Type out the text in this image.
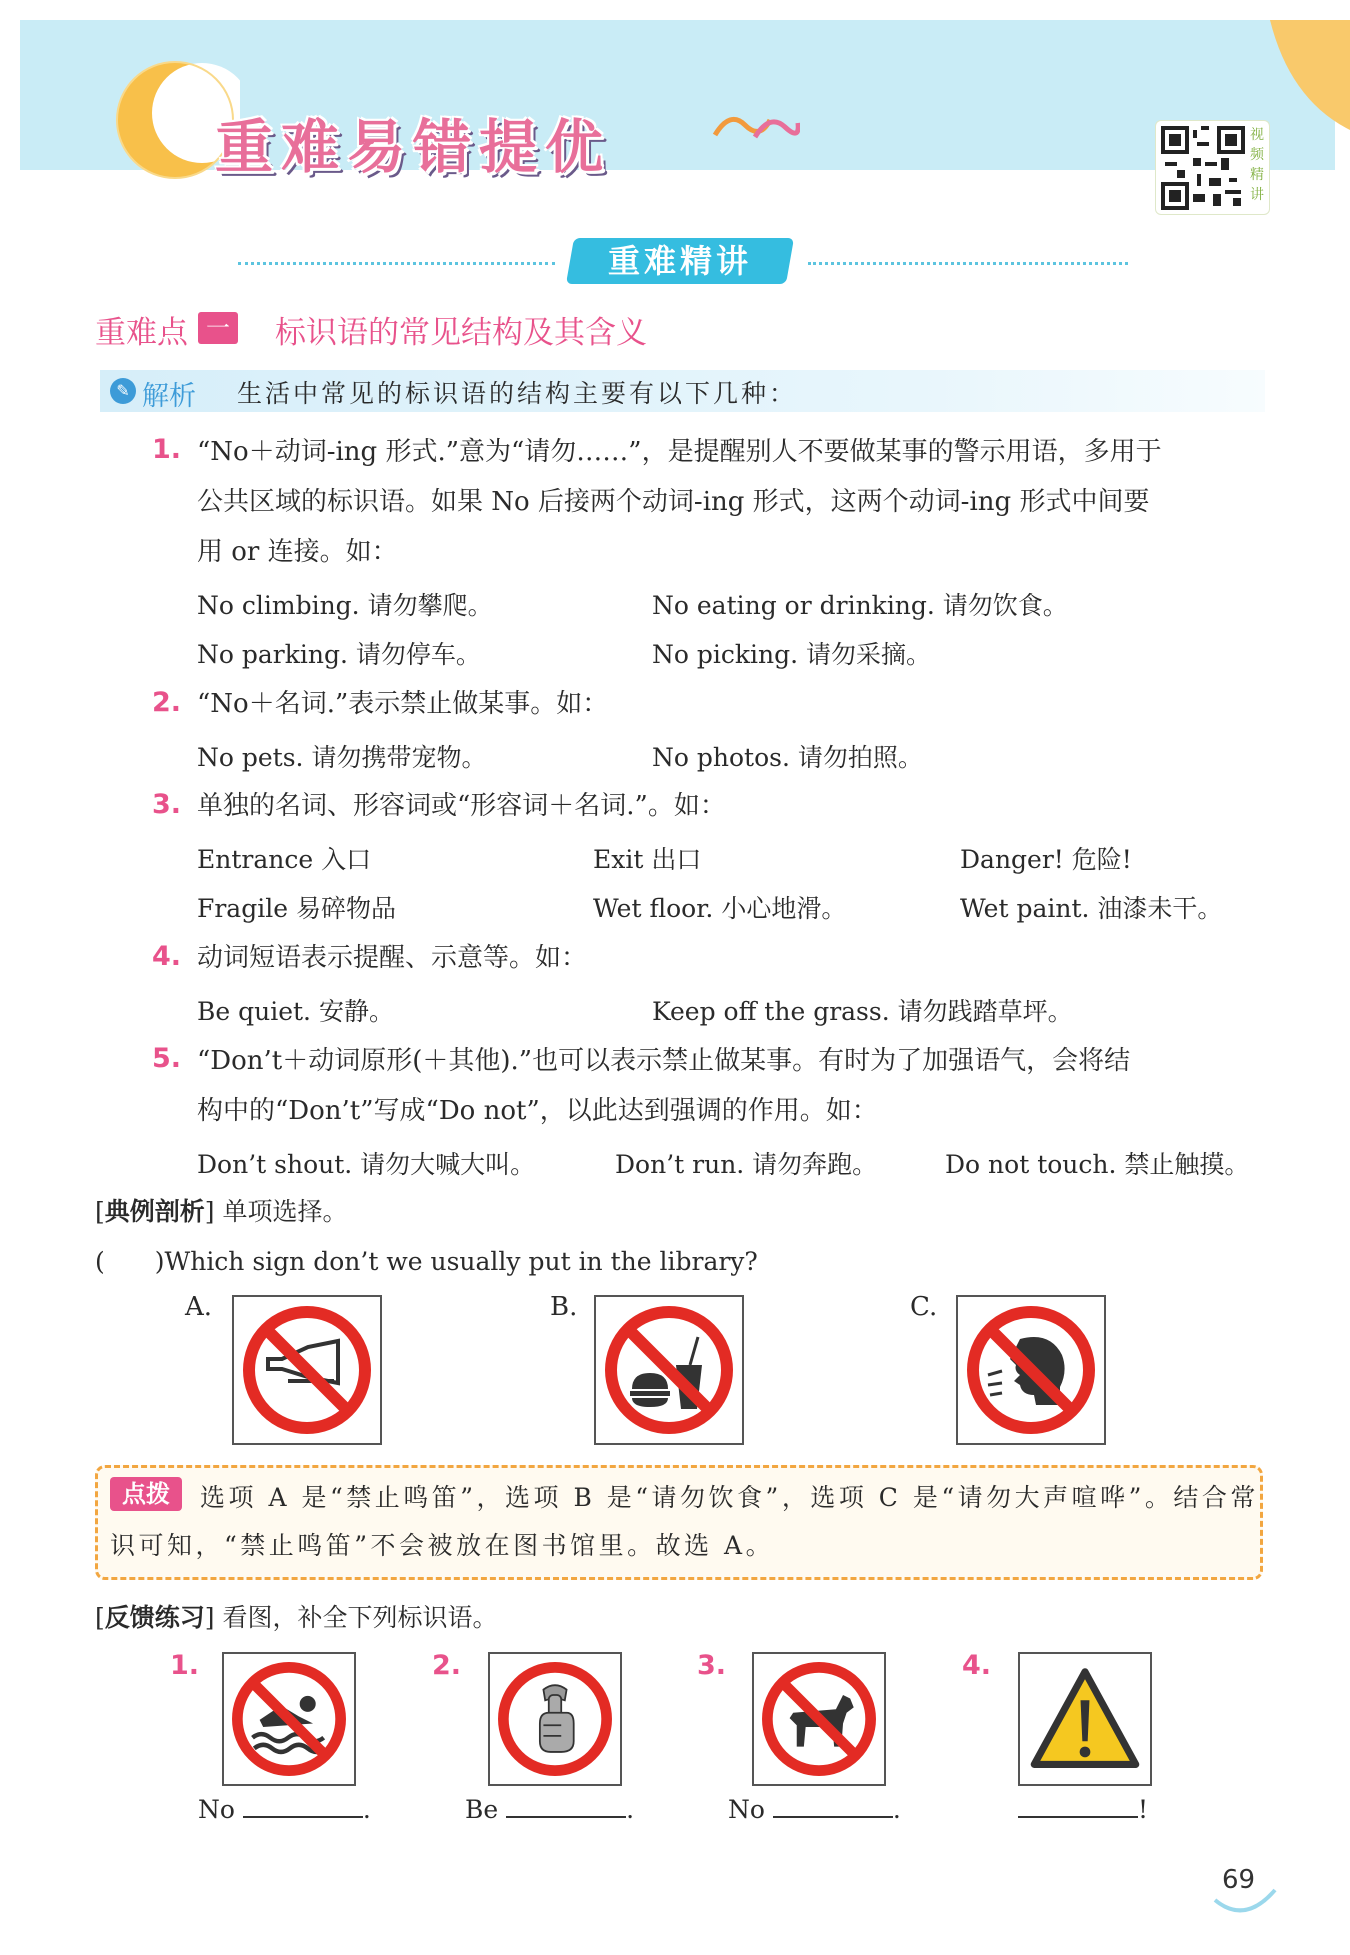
重难易错提优	视频精讲
重难精讲
重难点 一 标识语的常见结构及其含义
✎ 解析 生活中常见的标识语的结构主要有以下几种：
1. “No＋动词-ing 形式.”意为“请勿……”，是提醒别人不要做某事的警示用语，多用于
公共区域的标识语。如果 No 后接两个动词-ing 形式，这两个动词-ing 形式中间要
用 or 连接。如：
No climbing. 请勿攀爬。	No eating or drinking. 请勿饮食。
No parking. 请勿停车。	No picking. 请勿采摘。
2. “No＋名词.”表示禁止做某事。如：
No pets. 请勿携带宠物。	No photos. 请勿拍照。
3. 单独的名词、形容词或“形容词＋名词.”。如：
Entrance 入口	Exit 出口	Danger! 危险!
Fragile 易碎物品	Wet floor. 小心地滑。	Wet paint. 油漆未干。
4. 动词短语表示提醒、示意等。如：
Be quiet. 安静。	Keep off the grass. 请勿践踏草坪。
5. “Don’t＋动词原形(＋其他).”也可以表示禁止做某事。有时为了加强语气，会将结
构中的“Don’t”写成“Do not”，以此达到强调的作用。如：
Don’t shout. 请勿大喊大叫。	Don’t run. 请勿奔跑。	Do not touch. 禁止触摸。
[典例剖析] 单项选择。
(　　)Which sign don’t we usually put in the library?
A.	B.	C.
点拨	选项 A 是“禁止鸣笛”，选项 B 是“请勿饮食”，选项 C 是“请勿大声喧哗”。结合常
识可知，“禁止鸣笛”不会被放在图书馆里。故选 A。
[反馈练习] 看图，补全下列标识语。
1.
No	.
2.
Be	.
3.
No	.
4.
!
69
